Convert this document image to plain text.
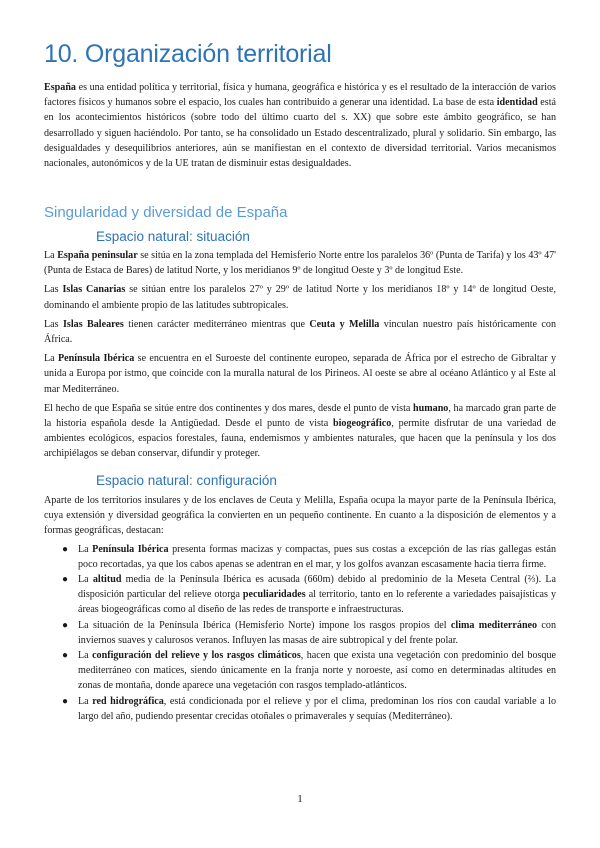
10. Organización territorial

España es una entidad política y territorial, física y humana, geográfica e histórica y es el resultado de la interacción de varios factores físicos y humanos sobre el espacio, los cuales han contribuido a generar una identidad. La base de esta identidad está en los acontecimientos históricos (sobre todo del último cuarto del s. XX) que sobre este ámbito geográfico, se han desarrollado y siguen haciéndolo. Por tanto, se ha consolidado un Estado descentralizado, plural y solidario. Sin embargo, las desigualdades y desequilibrios anteriores, aún se manifiestan en el contexto de diversidad territorial. Varios mecanismos nacionales, autonómicos y de la UE tratan de disminuir estas desigualdades.

Singularidad y diversidad de España
Espacio natural: situación

La España peninsular se sitúa en la zona templada del Hemisferio Norte entre los paralelos 36º (Punta de Tarifa) y los 43º 47' (Punta de Estaca de Bares) de latitud Norte, y los meridianos 9º de longitud Oeste y 3º de longitud Este.

Las Islas Canarias se sitúan entre los paralelos 27º y 29º de latitud Norte y los meridianos 18º y 14º de longitud Oeste, dominando el ambiente propio de las latitudes subtropicales.

Las Islas Baleares tienen carácter mediterráneo mientras que Ceuta y Melilla vinculan nuestro país históricamente con África.

La Península Ibérica se encuentra en el Suroeste del continente europeo, separada de África por el estrecho de Gibraltar y unida a Europa por istmo, que coincide con la muralla natural de los Pirineos. Al oeste se abre al océano Atlántico y al Este al mar Mediterráneo.

El hecho de que España se sitúe entre dos continentes y dos mares, desde el punto de vista humano, ha marcado gran parte de la historia española desde la Antigüedad. Desde el punto de vista biogeográfico, permite disfrutar de una variedad de ambientes ecológicos, espacios forestales, fauna, endemismos y ambientes naturales, que hacen que la península y los dos archipiélagos se deban conservar, difundir y proteger.

Espacio natural: configuración

Aparte de los territorios insulares y de los enclaves de Ceuta y Melilla, España ocupa la mayor parte de la Península Ibérica, cuya extensión y diversidad geográfica la convierten en un pequeño continente. En cuanto a la disposición de elementos y a formas geográficas, destacan:

● La Península Ibérica presenta formas macizas y compactas, pues sus costas a excepción de las rías gallegas están poco recortadas, ya que los cabos apenas se adentran en el mar, y los golfos avanzan escasamente hacia tierra firme.
● La altitud media de la Península Ibérica es acusada (660m) debido al predominio de la Meseta Central (⅔). La disposición particular del relieve otorga peculiaridades al territorio, tanto en lo referente a variedades paisajísticas y áreas biogeográficas como al diseño de las redes de transporte e infraestructuras.
● La situación de la Península Ibérica (Hemisferio Norte) impone los rasgos propios del clima mediterráneo con inviernos suaves y calurosos veranos. Influyen las masas de aire subtropical y del frente polar.
● La configuración del relieve y los rasgos climáticos, hacen que exista una vegetación con predominio del bosque mediterráneo con matices, siendo únicamente en la franja norte y noroeste, así como en determinadas altitudes en zonas de montaña, donde aparece una vegetación con rasgos templado-atlánticos.
● La red hidrográfica, está condicionada por el relieve y por el clima, predominan los ríos con caudal variable a lo largo del año, pudiendo presentar crecidas otoñales o primaverales y sequías (Mediterráneo).
1
